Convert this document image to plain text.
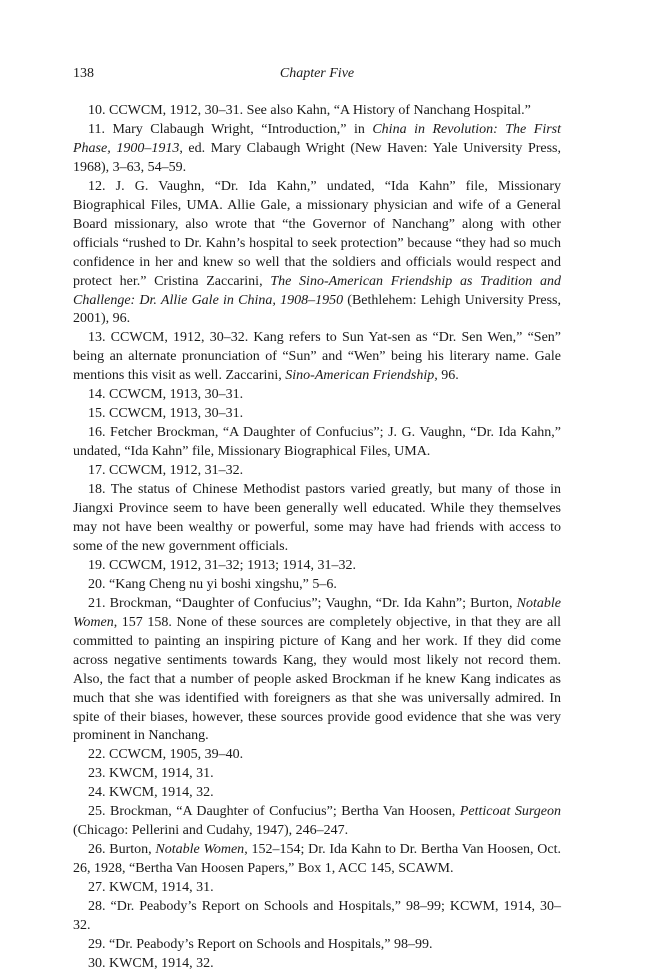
138	Chapter Five

10. CCWCM, 1912, 30–31. See also Kahn, “A History of Nanchang Hospital.”

11. Mary Clabaugh Wright, “Introduction,” in China in Revolution: The First Phase, 1900–1913, ed. Mary Clabaugh Wright (New Haven: Yale University Press, 1968), 3–63, 54–59.

12. J. G. Vaughn, “Dr. Ida Kahn,” undated, “Ida Kahn” file, Missionary Biographical Files, UMA. Allie Gale, a missionary physician and wife of a General Board missionary, also wrote that “the Governor of Nanchang” along with other officials “rushed to Dr. Kahn’s hospital to seek protection” because “they had so much confidence in her and knew so well that the soldiers and officials would respect and protect her.” Cristina Zaccarini, The Sino-American Friendship as Tradition and Challenge: Dr. Allie Gale in China, 1908–1950 (Bethlehem: Lehigh University Press, 2001), 96.

13. CCWCM, 1912, 30–32. Kang refers to Sun Yat-sen as “Dr. Sen Wen,” “Sen” being an alternate pronunciation of “Sun” and “Wen” being his literary name. Gale mentions this visit as well. Zaccarini, Sino-American Friendship, 96.

14. CCWCM, 1913, 30–31.

15. CCWCM, 1913, 30–31.

16. Fetcher Brockman, “A Daughter of Confucius”; J. G. Vaughn, “Dr. Ida Kahn,” undated, “Ida Kahn” file, Missionary Biographical Files, UMA.

17. CCWCM, 1912, 31–32.

18. The status of Chinese Methodist pastors varied greatly, but many of those in Jiangxi Province seem to have been generally well educated. While they themselves may not have been wealthy or powerful, some may have had friends with access to some of the new government officials.

19. CCWCM, 1912, 31–32; 1913; 1914, 31–32.

20. “Kang Cheng nu yi boshi xingshu,” 5–6.

21. Brockman, “Daughter of Confucius”; Vaughn, “Dr. Ida Kahn”; Burton, Notable Women, 157 158. None of these sources are completely objective, in that they are all committed to painting an inspiring picture of Kang and her work. If they did come across negative sentiments towards Kang, they would most likely not record them. Also, the fact that a number of people asked Brockman if he knew Kang indicates as much that she was identified with foreigners as that she was universally admired. In spite of their biases, however, these sources provide good evidence that she was very prominent in Nanchang.

22. CCWCM, 1905, 39–40.

23. KWCM, 1914, 31.

24. KWCM, 1914, 32.

25. Brockman, “A Daughter of Confucius”; Bertha Van Hoosen, Petticoat Surgeon (Chicago: Pellerini and Cudahy, 1947), 246–247.

26. Burton, Notable Women, 152–154; Dr. Ida Kahn to Dr. Bertha Van Hoosen, Oct. 26, 1928, “Bertha Van Hoosen Papers,” Box 1, ACC 145, SCAWM.

27. KWCM, 1914, 31.

28. “Dr. Peabody’s Report on Schools and Hospitals,” 98–99; KCWM, 1914, 30–32.

29. “Dr. Peabody’s Report on Schools and Hospitals,” 98–99.

30. KWCM, 1914, 32.
